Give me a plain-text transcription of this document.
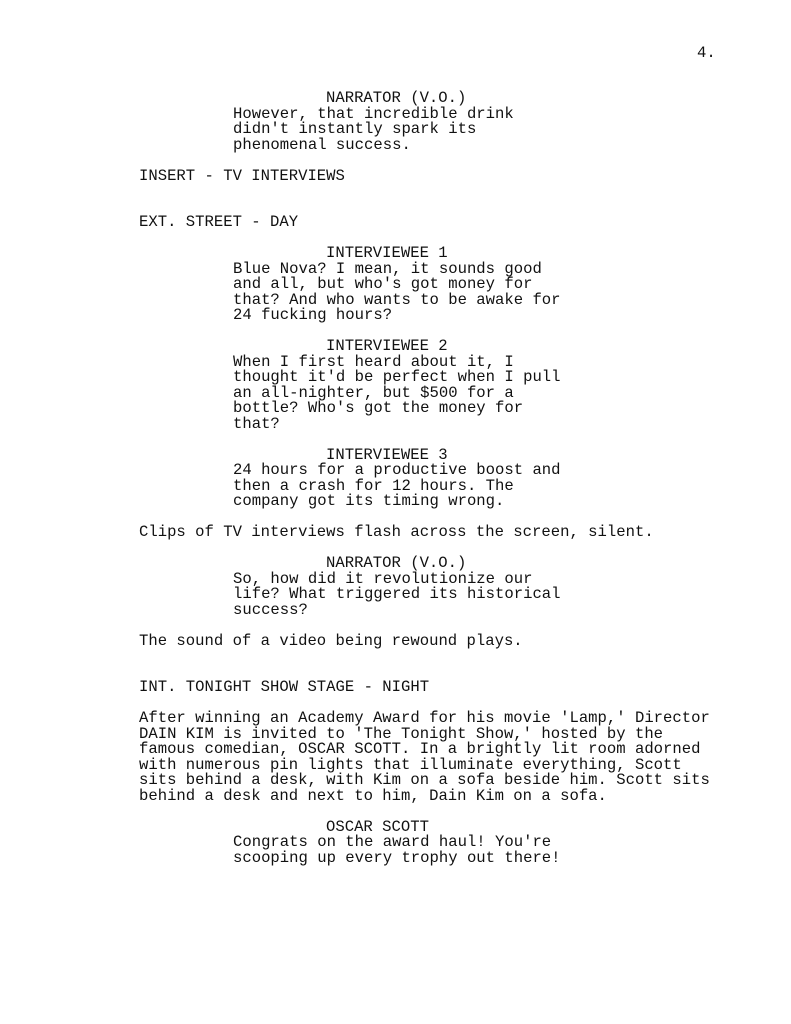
4.
NARRATOR (V.O.)
However, that incredible drink
didn't instantly spark its
phenomenal success.
INSERT - TV INTERVIEWS
EXT. STREET - DAY
INTERVIEWEE 1
Blue Nova? I mean, it sounds good
and all, but who's got money for
that? And who wants to be awake for
24 fucking hours?
INTERVIEWEE 2
When I first heard about it, I
thought it'd be perfect when I pull
an all-nighter, but $500 for a
bottle? Who's got the money for
that?
INTERVIEWEE 3
24 hours for a productive boost and
then a crash for 12 hours. The
company got its timing wrong.
Clips of TV interviews flash across the screen, silent.
NARRATOR (V.O.)
So, how did it revolutionize our
life? What triggered its historical
success?
The sound of a video being rewound plays.
INT. TONIGHT SHOW STAGE - NIGHT
After winning an Academy Award for his movie 'Lamp,' Director
DAIN KIM is invited to 'The Tonight Show,' hosted by the
famous comedian, OSCAR SCOTT. In a brightly lit room adorned
with numerous pin lights that illuminate everything, Scott
sits behind a desk, with Kim on a sofa beside him. Scott sits
behind a desk and next to him, Dain Kim on a sofa.
OSCAR SCOTT
Congrats on the award haul! You're
scooping up every trophy out there!
